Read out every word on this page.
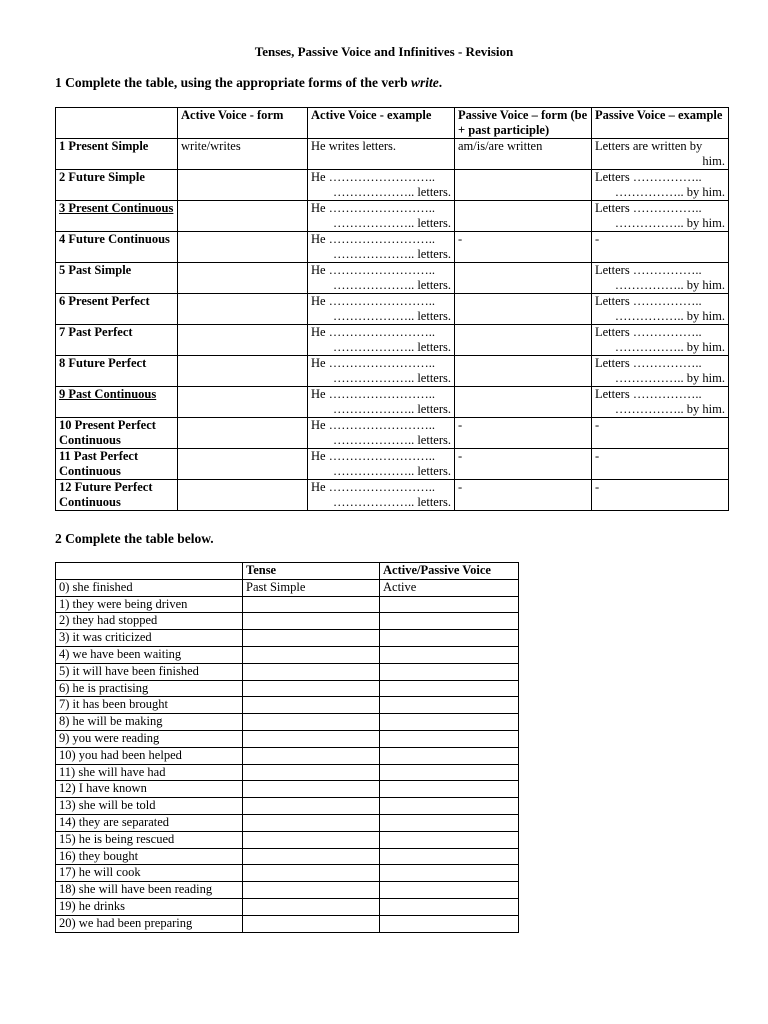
Tenses, Passive Voice and Infinitives - Revision
1 Complete the table, using the appropriate forms of the verb write.
	Active Voice - form	Active Voice - example	Passive Voice – form (be + past participle)	Passive Voice – example
1 Present Simple	write/writes	He writes letters.	am/is/are written	Letters are written by
him.

2 Future Simple		He ……………………..
……………….. letters.		Letters ……………..
…………….. by him.

3 Present Continuous		He ……………………..
……………….. letters.		Letters ……………..
…………….. by him.

4 Future Continuous		He ……………………..
……………….. letters.	-	-

5 Past Simple		He ……………………..
……………….. letters.		Letters ……………..
…………….. by him.

6 Present Perfect		He ……………………..
……………….. letters.		Letters ……………..
…………….. by him.

7 Past Perfect		He ……………………..
……………….. letters.		Letters ……………..
…………….. by him.

8 Future Perfect		He ……………………..
……………….. letters.		Letters ……………..
…………….. by him.

9 Past Continuous		He ……………………..
……………….. letters.		Letters ……………..
…………….. by him.

10 Present Perfect Continuous		He ……………………..
……………….. letters.	-	-

11 Past Perfect Continuous		He ……………………..
……………….. letters.	-	-

12 Future Perfect Continuous		He ……………………..
……………….. letters.	-	-
2 Complete the table below.
	Tense	Active/Passive Voice
0) she finished	Past Simple	Active
1) they were being driven		
2) they had stopped		
3) it was criticized		
4) we have been waiting		
5) it will have been finished		
6) he is practising		
7) it has been brought		
8) he will be making		
9) you were reading		
10) you had been helped		
11) she will have had		
12) I have known		
13) she will be told		
14) they are separated		
15) he is being rescued		
16) they bought		
17) he will cook		
18) she will have been reading		
19) he drinks		
20) we had been preparing		
